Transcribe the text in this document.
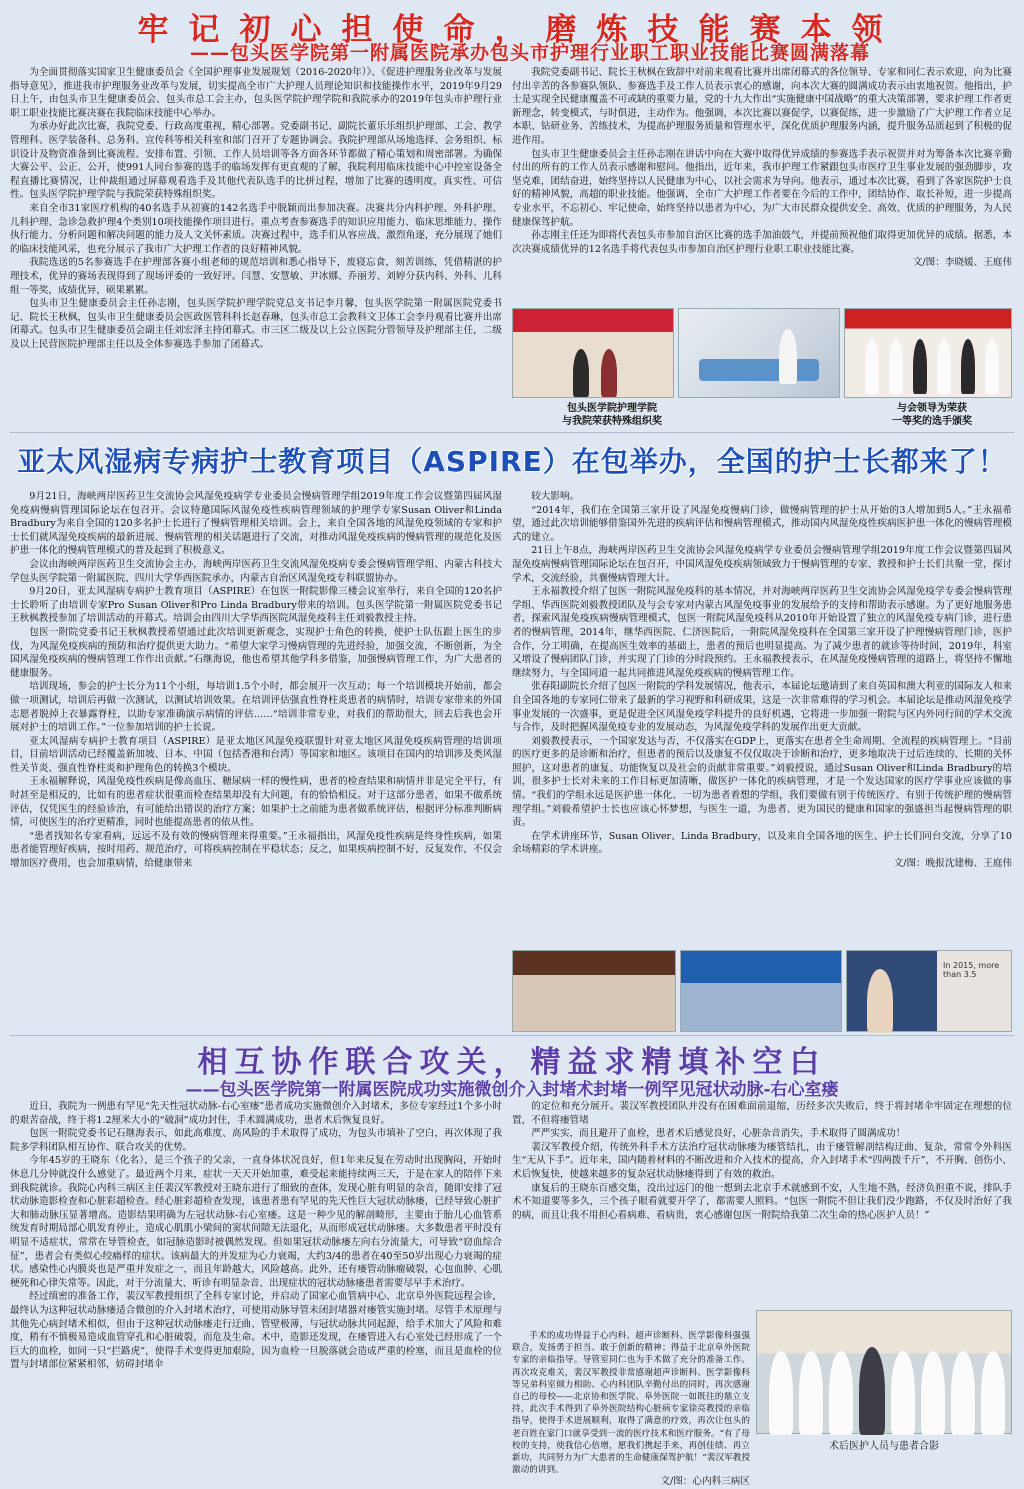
牢记初心担使命，磨炼技能赛本领
——包头医学院第一附属医院承办包头市护理行业职工职业技能比赛圆满落幕

为全面贯彻落实国家卫生健康委员会《全国护理事业发展规划（2016-2020年）》、《促进护理服务业改革与发展指导意见》，推进我市护理服务业改革与发展，切实提高全市广大护理人员理论知识和技能操作水平，2019年9月29日上午，由包头市卫生健康委员会、包头市总工会主办，包头医学院护理学院和我院承办的2019年包头市护理行业职工职业技能比赛决赛在我院临床技能中心举办。

为承办好此次比赛，我院党委、行政高度重视，精心部署。党委副书记、副院长董乐乐组织护理部、工会、教学管理科、医学装备科、总务科、宣传科等相关科室和部门召开了专题协调会。我院护理部从场地选择、会务组织、标识设计及物资准备到比赛流程、安排布置、引领、工作人员培训等各方面各环节都做了精心策划和周密部署。为确保大赛公平、公正、公开，使991人同台参赛的选手的临场发挥有更直观的了解，我院利用临床技能中心中控室设备全程直播比赛情况，让仲裁组通过屏幕观看选手及其他代表队选手的比拼过程，增加了比赛的透明度，真实性、可信性。包头医学院护理学院与我院荣获特殊组织奖。

来自全市31家医疗机构的40名选手从初赛的142名选手中脱颖而出参加决赛。决赛共分内科护理、外科护理、儿科护理、急诊急救护理4个类别10项技能操作项目进行。重点考查参赛选手的知识应用能力、临床思维能力、操作执行能力、分析问题和解决问题的能力及人文关怀素质。决赛过程中，选手们从容应战、激烈角逐，充分展现了她们的临床技能风采，也充分展示了我市广大护理工作者的良好精神风貌。

我院选送的5名参赛选手在护理部各赛小组老师的规范培训和悉心指导下，废寝忘食，刻苦训练，凭借精湛的护理技术，优异的赛场表现得到了现场评委的一致好评。闫慧、安慧敏、尹冰娜、乔丽芳、刘婷分获内科、外科、儿科组一等奖，成绩优异，硕果累累。

包头市卫生健康委员会主任孙志刚，包头医学院护理学院党总支书记李月馨，包头医学院第一附属医院党委书记、院长王秋枫，包头市卫生健康委员会医政医管科科长赵春琳，包头市总工会教科文卫体工会李丹观看比赛并出席闭幕式。包头市卫生健康委员会副主任刘宏泽主持闭幕式。市三区二级及以上公立医院分管领导及护理部主任，二级及以上民营医院护理部主任以及全体参赛选手参加了闭幕式。

我院党委副书记、院长王秋枫在致辞中对前来观看比赛并出席闭幕式的各位领导、专家和同仁表示欢迎，向为比赛付出辛苦的各参赛队领队、参赛选手及工作人员表示衷心的感谢，向本次大赛的圆满成功表示由衷地祝贺。他指出，护士是实现全民健康覆盖不可或缺的重要力量，党的十九大作出“实施健康中国战略”的重大决策部署，要求护理工作者更新理念，转变模式，与时俱进，主动作为。他强调，本次比赛以赛促学，以赛促练，进一步激励了广大护理工作者立足本职、钻研业务、苦练技术，为提高护理服务质量和管理水平，深化优质护理服务内涵，提升服务品质起到了积极的促进作用。

包头市卫生健康委员会主任孙志刚在讲话中向在大赛中取得优异成绩的参赛选手表示祝贺并对为筹备本次比赛辛勤付出的所有的工作人员表示感谢和慰问。他指出，近年来，我市护理工作紧跟包头市医疗卫生事业发展的强劲脚步，攻坚克难，团结奋进，始终坚持以人民健康为中心，以社会需求为导向。他表示，通过本次比赛，看到了各家医院护士良好的精神风貌，高超的职业技能。他强调，全市广大护理工作者要在今后的工作中，团结协作、取长补短，进一步提高专业水平，不忘初心、牢记使命，始终坚持以患者为中心，为广大市民群众提供安全、高效、优质的护理服务，为人民健康保驾护航。

孙志刚主任还为即将代表包头市参加自治区比赛的选手加油鼓气，并提前预祝他们取得更加优异的成绩。据悉，本次决赛成绩优异的12名选手将代表包头市参加自治区护理行业职工职业技能比赛。

文/图：李晓媛、王庭伟
包头医学院护理学院
与我院荣获特殊组织奖
与会领导为荣获
一等奖的选手颁奖
亚太风湿病专病护士教育项目（ASPIRE）在包举办，全国的护士长都来了！

9月21日，海峡两岸医药卫生交流协会风湿免疫病学专业委员会慢病管理学组2019年度工作会议暨第四届风湿免疫病慢病管理国际论坛在包召开。会议特邀国际风湿免疫性疾病管理领域的护理学专家Susan Oliver和Linda Bradbury为来自全国的120多名护士长进行了慢病管理相关培训。会上，来自全国各地的风湿免疫领域的专家和护士长们就风湿免疫疾病的最新进展、慢病管理的相关话题进行了交流，对推动风湿免疫疾病的慢病管理的规范化及医护患一体化的慢病管理模式的普及起到了积极意义。

会议由海峡两岸医药卫生交流协会主办，海峡两岸医药卫生交流风湿免疫病专委会慢病管理学组、内蒙古科技大学包头医学院第一附属医院、四川大学华西医院承办，内蒙古自治区风湿免疫专科联盟协办。

9月20日，亚太风湿病专病护士教育项目（ASPIRE）在包医一附院影像三楼会议室举行，来自全国的120名护士长聆听了由培训专家Pro Susan Oliver和Pro Linda Bradbury带来的培训。包头医学院第一附属医院党委书记王秋枫教授参加了培训活动的开幕式。培训会由四川大学华西医院风湿免疫科主任刘毅教授主持。

包医一附院党委书记王秋枫教授希望通过此次培训更新观念，实现护士角色的转换，使护士队伍跟上医生的步伐，为风湿免疫疾病的预防和治疗提供更大助力。“希望大家学习慢病管理的先进经验，加强交流，不断创新，为全国风湿免疫疾病的慢病管理工作作出贡献。”石继海说，他也希望其他学科多借鉴，加强慢病管理工作，为广大患者的健康服务。

培训现场，参会的护士长分为11个小组，每培训1.5个小时，都会展开一次互动；每一个培训模块开始前，都会做一项测试，培训后再做一次测试，以测试培训效果。在培训评估强直性脊柱炎患者的病情时，培训专家带来的外国志愿者脱掉上衣暴露脊柱，以助专家准确演示病情的评估……“培训非常专业，对我们的帮助很大，回去后我也会开展对护士的培训工作。”一位参加培训的护士长说。

亚太风湿病专病护士教育项目（ASPIRE）是亚太地区风湿免疫联盟针对亚太地区风湿免疫疾病管理的培训项目，目前培训活动已经覆盖新加坡、日本、中国（包括香港和台湾）等国家和地区。该项目在国内的培训涉及类风湿性关节炎、强直性脊柱炎和护理角色的转换3个模块。

王永福解释说，风湿免疫性疾病是像高血压、糖尿病一样的慢性病，患者的检查结果和病情并非是完全平行，有时甚至是相反的，比如有的患者症状很重而检查结果却没有大问题，有的恰恰相反。对于这部分患者，如果不做系统评估，仅凭医生的经验诊治，有可能给出错误的治疗方案；如果护士之前能为患者做系统评估，根据评分标准判断病情，可使医生的治疗更精准，同时也能提高患者的依从性。

“患者找知名专家看病，远远不及有效的慢病管理来得重要。”王永福指出，风湿免疫性疾病是终身性疾病，如果患者能管理好疾病，按时用药、规范治疗，可将疾病控制在平稳状态；反之，如果疾病控制不好，反复发作，不仅会增加医疗费用，也会加重病情，给健康带来

较大影响。

“2014年，我们在全国第三家开设了风湿免疫慢病门诊，做慢病管理的护士从开始的3人增加到5人。”王永福希望，通过此次培训能够借鉴国外先进的疾病评估和慢病管理模式，推动国内风湿免疫性疾病医护患一体化的慢病管理模式的建立。

21日上午8点，海峡两岸医药卫生交流协会风湿免疫病学专业委员会慢病管理学组2019年度工作会议暨第四届风湿免疫病慢病管理国际论坛在包召开，中国风湿免疫疾病领域致力于慢病管理的专家、教授和护士长们共聚一堂，探讨学术，交流经验，共襄慢病管理大计。

王永福教授介绍了包医一附院风湿免疫科的基本情况，并对海峡两岸医药卫生交流协会风湿免疫学专委会慢病管理学组、华西医院刘毅教授团队及与会专家对内蒙古风湿免疫事业的发展给予的支持和帮助表示感谢。为了更好地服务患者，探索风湿免疫疾病慢病管理模式，包医一附院风湿免疫科从2010年开始设置了独立的风湿免疫专病门诊，进行患者的慢病管理，2014年，继华西医院、仁济医院后，一附院风湿免疫科在全国第三家开设了护理慢病管理门诊，医护合作，分工明确，在提高医生效率的基础上，患者的预后也明显提高。为了减少患者的就诊等待时间，2019年，科室又增设了慢病团队门诊，并实现了门诊的分时段预约。王永福教授表示，在风湿免疫慢病管理的道路上，将坚持不懈地继续努力，与全国同道一起共同推进风湿免疫疾病的慢病管理工作。

张春阳副院长介绍了包医一附院的学科发展情况，他表示，本届论坛邀请到了来自英国和澳大利亚的国际友人和来自全国各地的专家同仁带来了最新的学习视野和科研成果，这是一次非常难得的学习机会。本届论坛是推动风湿免疫学事业发展的一次盛事，更是促进全区风湿免疫学科提升的良好机遇，它将进一步加强一附院与区内外同行间的学术交流与合作，及时把握风湿免疫专业的发展动态，为风湿免疫学科的发展作出更大贡献。

刘毅教授表示，一个国家发达与否，不仅落实在GDP上，更落实在患者全生命周期、全流程的疾病管理上。“目前的医疗更多的是诊断和治疗，但患者的预后以及康复不仅仅取决于诊断和治疗，更多地取决于过后连续的、长期的关怀照护，这对患者的康复、功能恢复以及社会的贡献非常重要。”刘毅授说，通过Susan Oliver和Linda Bradbury的培训，很多护士长对未来的工作目标更加清晰，做医护一体化的疾病管理，才是一个发达国家的医疗学事业应该做的事情。“我们的学组永远是医护患一体化、一切为患者着想的学组，我们要做有别于传统医疗、有别于传统护理的慢病管理学组。”刘毅希望护士长也应该心怀梦想，与医生一道，为患者、更为国民的健康和国家的强盛担当起慢病管理的职责。

在学术讲座环节，Susan Oliver、Linda Bradbury，以及来自全国各地的医生、护士长们同台交流，分享了10余场精彩的学术讲座。

文/图：晚报沈建梅、王庭伟
In 2015, more than 3.5
相互协作联合攻关，精益求精填补空白
——包头医学院第一附属医院成功实施微创介入封堵术封堵一例罕见冠状动脉-右心室瘘

近日，我院为一例患有罕见“先天性冠状动脉-右心室瘘”患者成功实施微创介入封堵术，多位专家经过1个多小时的艰苦奋战，终于将1.2厘米大小的“破洞”成功封住，手术圆满成功，患者术后恢复良好。

包医一附院党委书记石继海表示，如此高难度、高风险的手术取得了成功，为包头市填补了空白，再次体现了我院多学科团队相互协作、联合攻关的优势。

今年45岁的王晓东（化名），是三个孩子的父亲，一直身体状况良好，但1年来反复在劳动时出现胸闷，开始时休息几分钟就没什么感觉了。最近两个月来，症状一天天开始加重，难受起来能持续两三天，于是在家人的陪伴下来到我院就诊。我院心内科三病区主任裴汉军教授对王晓东进行了细致的查体，发现心脏有明显的杂音，随即安排了冠状动脉造影检查和心脏彩超检查。经心脏彩超检查发现，该患者患有罕见的先天性巨大冠状动脉瘘，已经导致心脏扩大和肺动脉压显著增高。造影结果明确为左冠状动脉-右心室瘘。这是一种少见的解剖畸形，主要由于胎儿心血管系统发育时期局部心肌发育停止，造成心肌肌小梁间的窦状间隙无法退化，从而形成冠状动脉瘘。大多数患者平时没有明显不适症状，常常在导管检查，如冠脉造影时被偶然发现。但如果冠状动脉瘘左向右分流量大，可导致“窃血综合征”，患者会有类似心绞痛样的症状。该病最大的并发症为心力衰竭，大约3/4的患者在40至50岁出现心力衰竭的症状。感染性心内膜炎也是严重并发症之一，而且年龄越大，风险越高。此外，还有瘘管动脉瘤破裂，心包血肿、心肌梗死和心律失常等。因此，对于分流量大、听诊有明显杂音、出现症状的冠状动脉瘘患者需要尽早手术治疗。

经过缜密的准备工作，裴汉军教授组织了全科专家讨论，并启动了国家心血管病中心、北京阜外医院远程会诊，最终认为这种冠状动脉瘘适合微创的介入封堵术治疗，可使用动脉导管未闭封堵器对瘘管实施封堵。尽管手术原理与其他先心病封堵术相似，但由于这种冠状动脉瘘走行迂曲、管壁极薄，与冠状动脉共同起源，给手术加大了风险和难度，稍有不慎极易造成血管穿孔和心脏破裂，而危及生命。术中，造影还发现，在瘘管进入右心室处已经形成了一个巨大的血栓，如同一只“拦路虎”，使得手术变得更加艰险，因为血栓一旦脱落就会造成严重的栓塞，而且是血栓的位置与封堵部位紧紧相邻，妨碍封堵伞

的定位和充分展开。裴汉军教授团队并没有在困难面前退缩，历经多次失败后，终于将封堵伞牢固定在理想的位置，不但将瘘管堵

严严实实，而且避开了血栓，患者术后感觉良好，心脏杂音消失，手术取得了圆满成功！

裴汉军教授介绍，传统外科手术方法治疗冠状动脉瘘为瘘管结扎，由于瘘管解剖结构迂曲、复杂，常常令外科医生“无从下手”。近年来，国内随着材料的不断改进和介入技术的提高，介入封堵手术“四两拨千斤”，不开胸、创伤小、术后恢复快，使越来越多的复杂冠状动脉瘘得到了有效的救治。

康复后的王晓东百感交集，没出过远门的他一想到去北京手术就感到不安，人生地不熟，经济负担重不说，排队手术不知道要等多久，三个孩子眼看就要开学了，都需要人照料。“包医一附院不但让我们没少跑路，不仅及时治好了我的病，而且让我不用担心看病难、看病贵，衷心感谢包医一附院给我第二次生命的热心医护人员！”

手术的成功得益于心内科、超声诊断科、医学影像科强强联合，发扬勇于担当、敢于创新的精神；得益于北京阜外医院专家的亲临指导。导管室同仁也为手术做了充分的准备工作。再次攻克难关，裴汉军教授非常感谢超声诊断科、医学影像科等兄弟科室倾力相助、心内科团队辛勤付出的同时，再次感谢自己的母校——北京协和医学院、阜外医院一如既往的鼎立支持，此次手术得到了阜外医院结构心脏病专家徐亮教授的亲临指导，使得手术进展顺利，取得了满意的疗效，再次让包头的老百姓在家门口就享受到一流的医疗技术和医疗服务。“有了母校的支持，使我信心倍增，愿我们携起手来，再创佳绩、再立新功，共同努力为广大患者的生命健康保驾护航！”裴汉军教授激动的讲到。

文/图：心内科三病区
术后医护人员与患者合影
